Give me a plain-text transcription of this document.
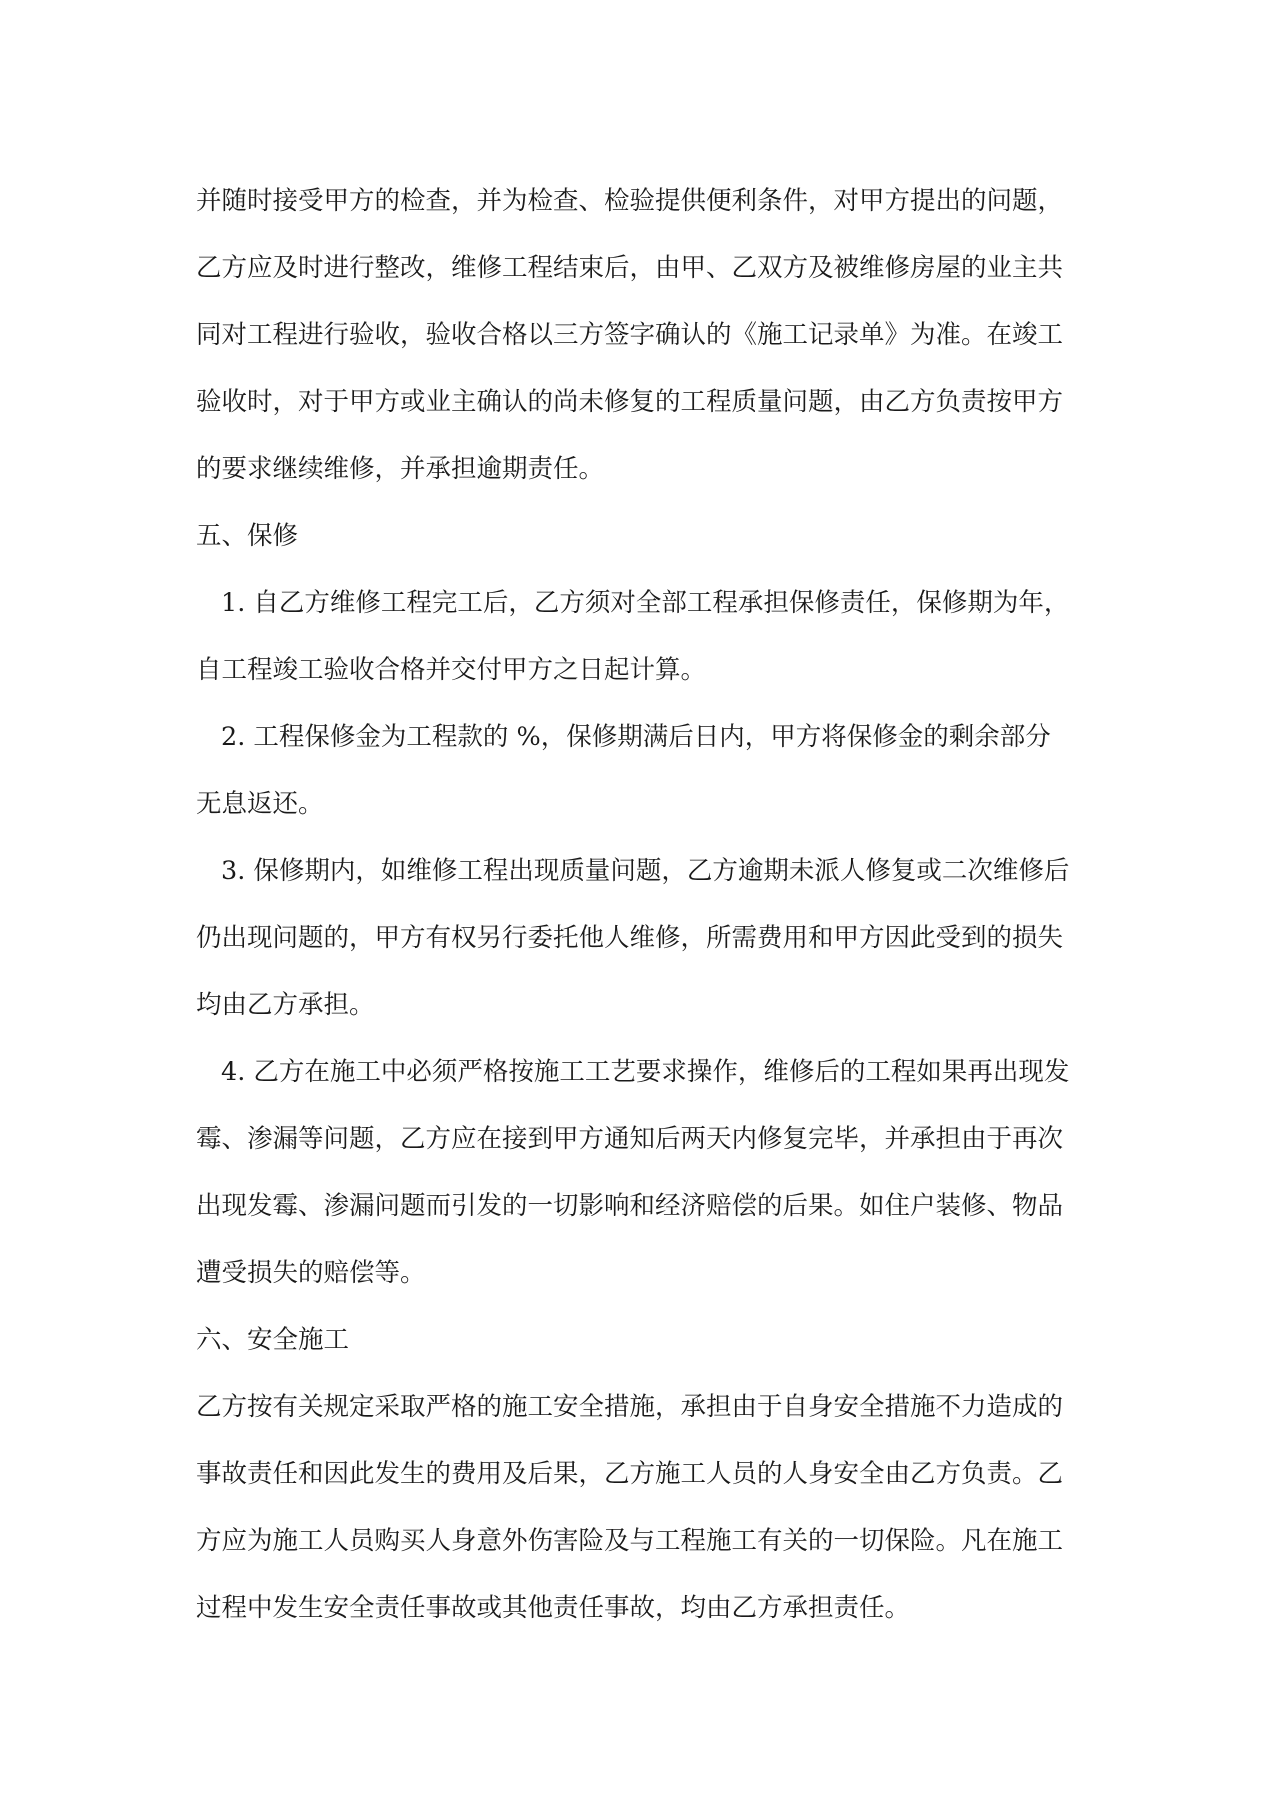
并随时接受甲方的检查，并为检查、检验提供便利条件，对甲方提出的问题，
乙方应及时进行整改，维修工程结束后，由甲、乙双方及被维修房屋的业主共
同对工程进行验收，验收合格以三方签字确认的《施工记录单》为准。在竣工
验收时，对于甲方或业主确认的尚未修复的工程质量问题，由乙方负责按甲方
的要求继续维修，并承担逾期责任。
五、保修
1. 自乙方维修工程完工后，乙方须对全部工程承担保修责任，保修期为年，
自工程竣工验收合格并交付甲方之日起计算。
2. 工程保修金为工程款的 %，保修期满后日内，甲方将保修金的剩余部分
无息返还。
3. 保修期内，如维修工程出现质量问题，乙方逾期未派人修复或二次维修后
仍出现问题的，甲方有权另行委托他人维修，所需费用和甲方因此受到的损失
均由乙方承担。
4. 乙方在施工中必须严格按施工工艺要求操作，维修后的工程如果再出现发
霉、渗漏等问题，乙方应在接到甲方通知后两天内修复完毕，并承担由于再次
出现发霉、渗漏问题而引发的一切影响和经济赔偿的后果。如住户装修、物品
遭受损失的赔偿等。
六、安全施工
乙方按有关规定采取严格的施工安全措施，承担由于自身安全措施不力造成的
事故责任和因此发生的费用及后果，乙方施工人员的人身安全由乙方负责。乙
方应为施工人员购买人身意外伤害险及与工程施工有关的一切保险。凡在施工
过程中发生安全责任事故或其他责任事故，均由乙方承担责任。
